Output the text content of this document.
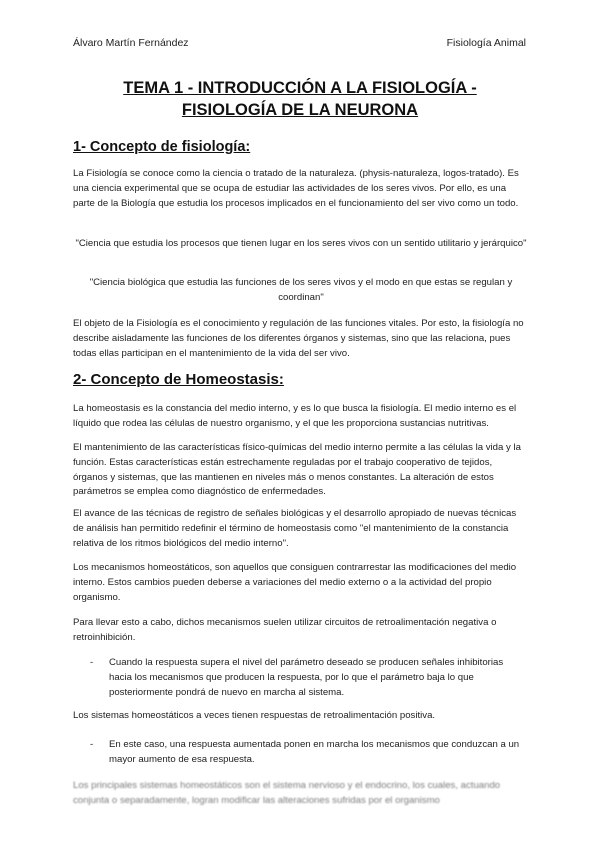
Álvaro Martín Fernández	Fisiología Animal
TEMA 1 - INTRODUCCIÓN A LA FISIOLOGÍA -
FISIOLOGÍA DE LA NEURONA
1- Concepto de fisiología:

La Fisiología se conoce como la ciencia o tratado de la naturaleza. (physis-naturaleza, logos-tratado). Es una ciencia experimental que se ocupa de estudiar las actividades de los seres vivos. Por ello, es una parte de la Biología que estudia los procesos implicados en el funcionamiento del ser vivo como un todo.

"Ciencia que estudia los procesos que tienen lugar en los seres vivos con un sentido utilitario y jerárquico"

"Ciencia biológica que estudia las funciones de los seres vivos y el modo en que estas se regulan y coordinan"

El objeto de la Fisiología es el conocimiento y regulación de las funciones vitales. Por esto, la fisiología no describe aisladamente las funciones de los diferentes órganos y sistemas, sino que las relaciona, pues todas ellas participan en el mantenimiento de la vida del ser vivo.

2- Concepto de Homeostasis:

La homeostasis es la constancia del medio interno, y es lo que busca la fisiología. El medio interno es el líquido que rodea las células de nuestro organismo, y el que les proporciona sustancias nutritivas.

El mantenimiento de las características físico-químicas del medio interno permite a las células la vida y la función. Estas características están estrechamente reguladas por el trabajo cooperativo de tejidos, órganos y sistemas, que las mantienen en niveles más o menos constantes. La alteración de estos parámetros se emplea como diagnóstico de enfermedades.

El avance de las técnicas de registro de señales biológicas y el desarrollo apropiado de nuevas técnicas de análisis han permitido redefinir el término de homeostasis como "el mantenimiento de la constancia relativa de los ritmos biológicos del medio interno".

Los mecanismos homeostáticos, son aquellos que consiguen contrarrestar las modificaciones del medio interno. Estos cambios pueden deberse a variaciones del medio externo o a la actividad del propio organismo.

Para llevar esto a cabo, dichos mecanismos suelen utilizar circuitos de retroalimentación negativa o retroinhibición.

- Cuando la respuesta supera el nivel del parámetro deseado se producen señales inhibitorias hacia los mecanismos que producen la respuesta, por lo que el parámetro baja lo que posteriormente pondrá de nuevo en marcha al sistema.

Los sistemas homeostáticos a veces tienen respuestas de retroalimentación positiva.

- En este caso, una respuesta aumentada ponen en marcha los mecanismos que conduzcan a un mayor aumento de esa respuesta.

Los principales sistemas homeostáticos son el sistema nervioso y el endocrino, los cuales, actuando conjunta o separadamente, logran modificar las alteraciones sufridas por el organismo
